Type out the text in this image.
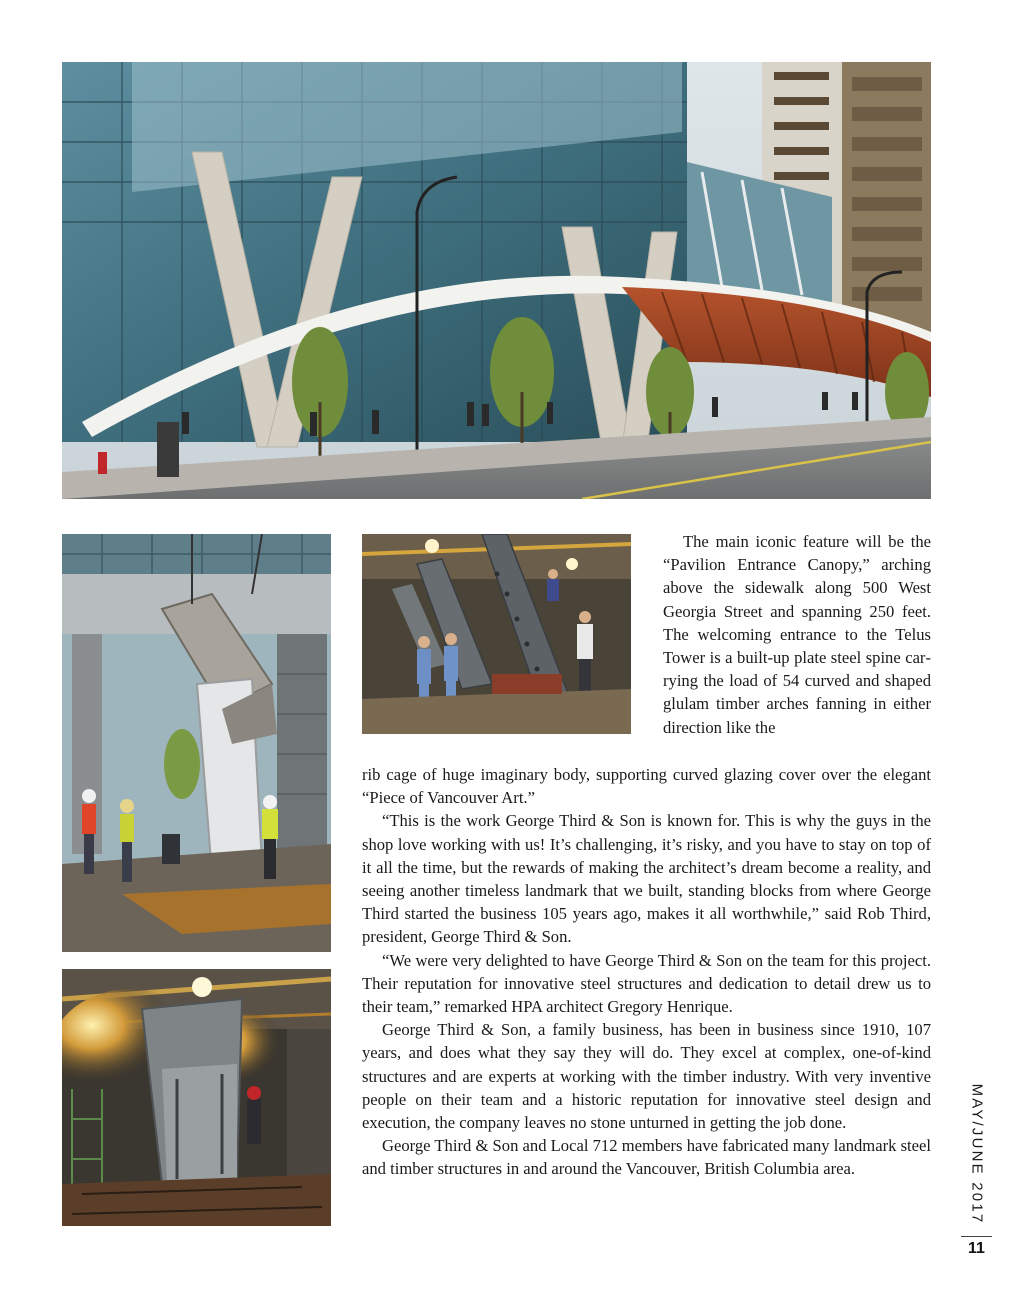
The main iconic feature will be the “Pavilion Entrance Canopy,” arching above the sidewalk along 500 West Georgia Street and spanning 250 feet. The welcoming entrance to the Telus Tower is a built-up plate steel spine carrying the load of 54 curved and shaped glulam timber arches fanning in either direction like the

rib cage of huge imaginary body, supporting curved glazing cover over the elegant “Piece of Vancouver Art.”

“This is the work George Third & Son is known for. This is why the guys in the shop love working with us! It’s challenging, it’s risky, and you have to stay on top of it all the time, but the rewards of making the architect’s dream become a reality, and seeing another timeless landmark that we built, standing blocks from where George Third started the business 105 years ago, makes it all worthwhile,” said Rob Third, president, George Third & Son.

“We were very delighted to have George Third & Son on the team for this project. Their reputation for innovative steel structures and dedication to detail drew us to their team,” remarked HPA architect Gregory Henrique.

George Third & Son, a family business, has been in business since 1910, 107 years, and does what they say they will do. They excel at complex, one-of-kind structures and are experts at working with the timber industry. With very inventive people on their team and a historic reputation for innovative steel design and execution, the company leaves no stone unturned in getting the job done.

George Third & Son and Local 712 members have fabricated many landmark steel and timber structures in and around the Vancouver, British Columbia area.	MAY/JUNE 2017
11
